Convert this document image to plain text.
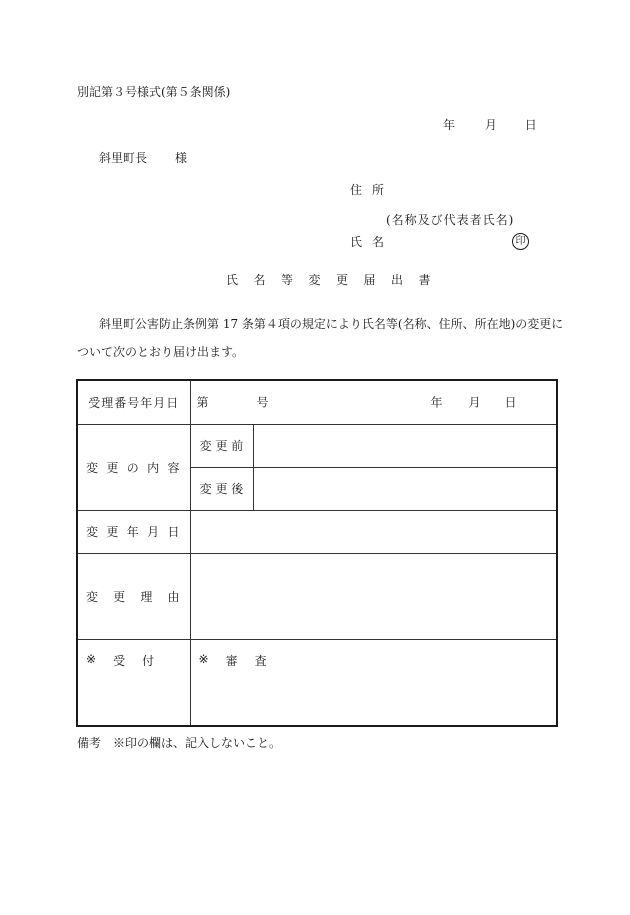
別記第３号様式(第５条関係)
年 月 日
斜里町長 様
住所
(名称及び代表者氏名)
氏名	印
氏名等変更届出書
斜里町公害防止条例第 17 条第４項の規定により氏名等(名称、住所、所在地)の変更に
ついて次のとおり届け出ます。
受理番号年月日	第 号 年 月 日	

変 更 の 内 容	変 更 前	
	変 更 後	

変 更 年 月 日		

変 更 理 由		

※ 受 付	※ 審 査	
備考　※印の欄は、記入しないこと。
